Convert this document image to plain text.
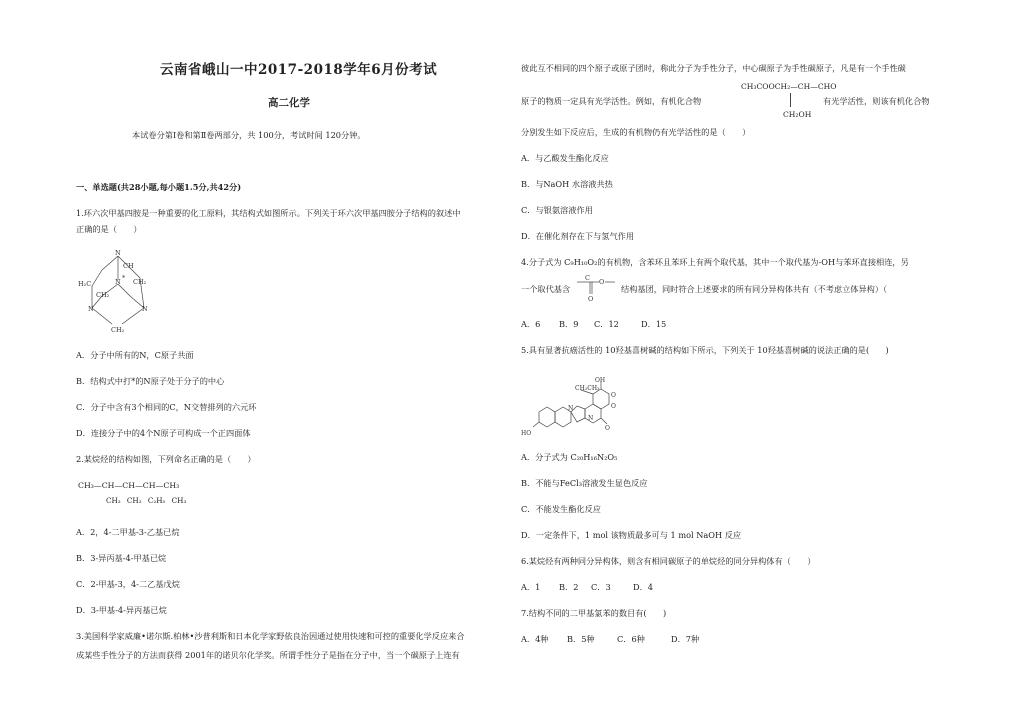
云南省峨山一中2017-2018学年6月份考试
高二化学
本试卷分第Ⅰ卷和第Ⅱ卷两部分，共 100分，考试时间 120分钟。
一、单选题(共28小题,每小题1.5分,共42分)
1.环六次甲基四胺是一种重要的化工原料，其结构式如图所示。下列关于环六次甲基四胺分子结构的叙述中
正确的是（　　）
N
CH
H₂C	N *
CH₂
CH₂
N	N
CH₂
A．分子中所有的N，C原子共面
B．结构式中打*的N原子处于分子的中心
C．分子中含有3个相同的C，N交替排列的六元环
D．连接分子中的4个N原子可构成一个正四面体
2.某烷烃的结构如图，下列命名正确的是（　　）
CH₃—CH—CH—CH—CH₃
CH₃ CH₂ C₂H₅ CH₃
A．2，4-二甲基-3-乙基已烷
B．3-异丙基-4-甲基已烷
C．2-甲基-3，4-二乙基戊烷
D．3-甲基-4-异丙基已烷
3.美国科学家威廉•诺尔斯.柏林•沙普利斯和日本化学家野依良治因通过使用快速和可控的重要化学反应来合
成某些手性分子的方法而获得 2001年的诺贝尔化学奖。所谓手性分子是指在分子中，当一个碳原子上连有
彼此互不相同的四个原子或原子团时，称此分子为手性分子，中心碳原子为手性碳原子，凡是有一个手性碳
CH₃COOCH₂—CH—CHO
原子的物质一定具有光学活性。例如，有机化合物	有光学活性，则该有机化合物
CH₂OH
分别发生如下反应后，生成的有机物仍有光学活性的是（　　）
A．与乙酸发生酯化反应
B．与NaOH 水溶液共热
C．与银氨溶液作用
D．在催化剂存在下与氢气作用
4.分子式为 C₉H₁₀O₂的有机物，含苯环且苯环上有两个取代基，其中一个取代基为-OH与苯环直接相连，另
一个取代基含
C O
O
结构基团，同时符合上述要求的所有同分异构体共有（不考虑立体异构）（
A．6 B．9 C．12	D．15
5.具有显著抗癌活性的 10羟基喜树碱的结构如下所示，下列关于 10羟基喜树碱的说法正确的是(　　)
CH₂CH₃
OH
HO
N
N
O
O
O
A．分子式为 C₂₀H₁₆N₂O₅
B．不能与FeCl₃溶液发生显色反应
C．不能发生酯化反应
D．一定条件下，1 mol 该物质最多可与 1 mol NaOH 反应
6.某烷烃有两种同分异构体，则含有相同碳原子的单烷烃的同分异构体有（　　）
A．1 B．2 C．3	D．4
7.结构不同的二甲基氯苯的数目有(　　)
A．4种 B．5种	C．6种	D．7种
